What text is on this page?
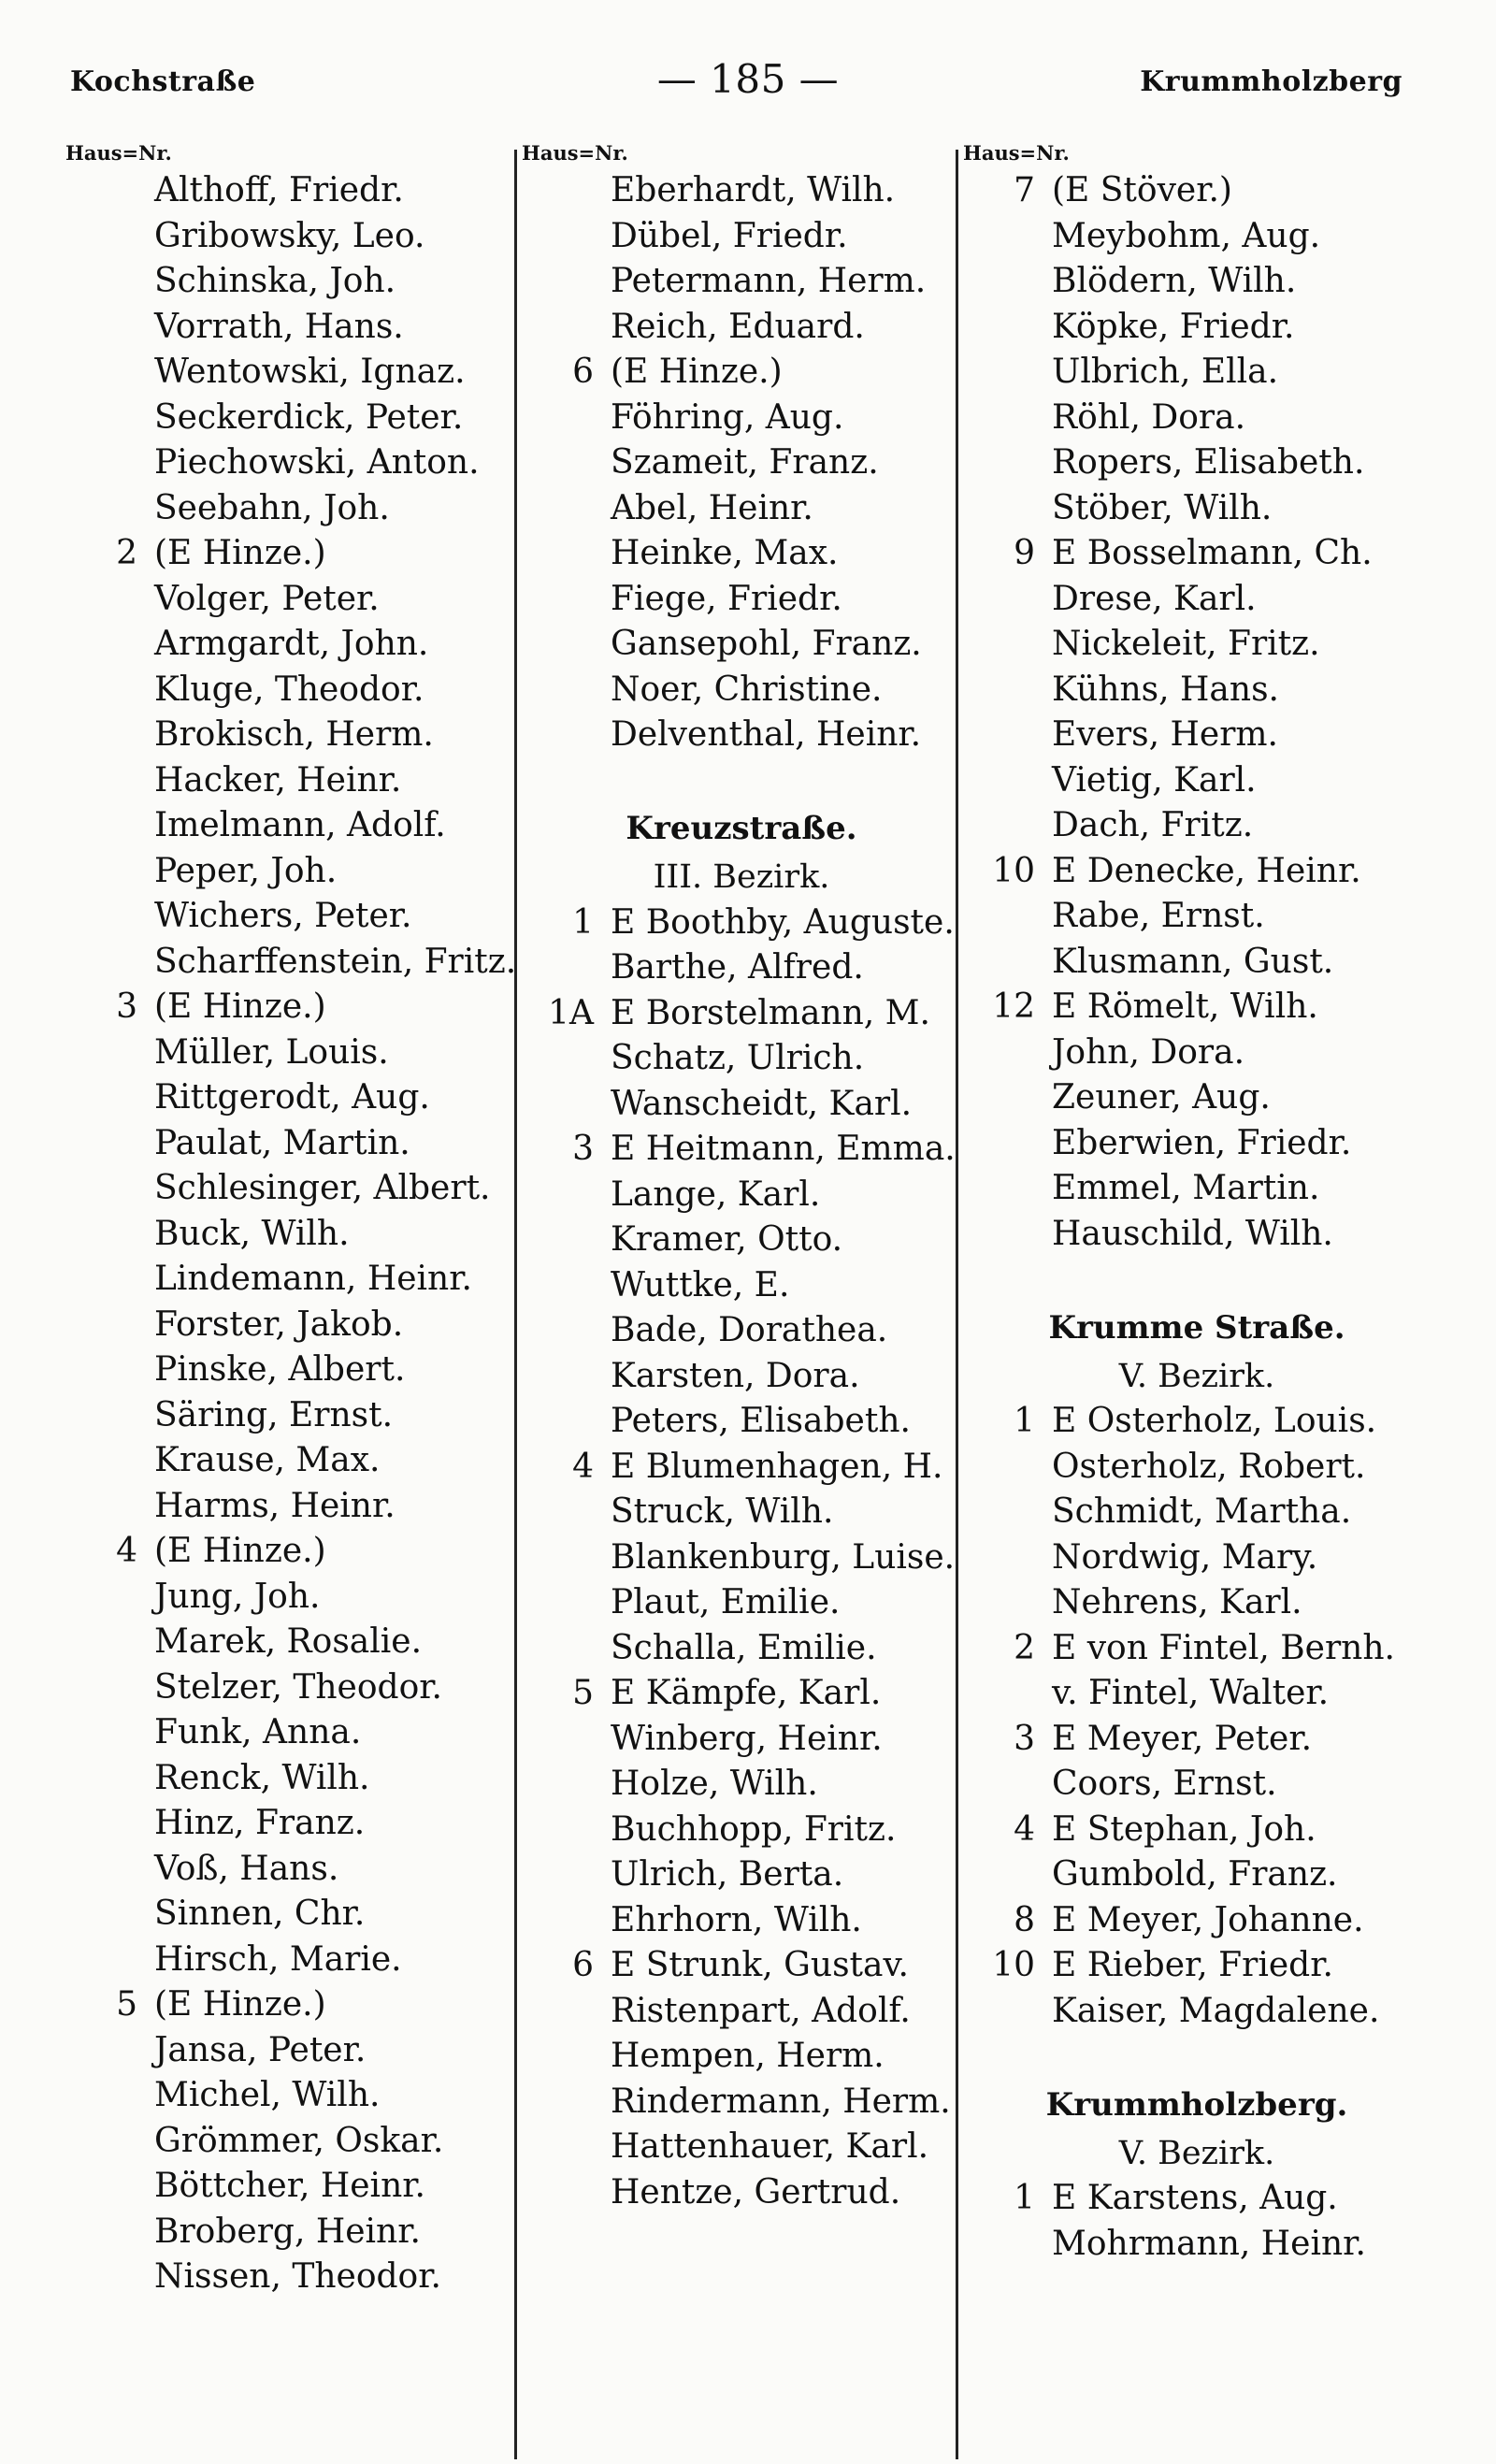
Kochstraße	— 185 —	Krummholzberg
Haus=Nr.
Althoff, Friedr.
Gribowsky, Leo.
Schinska, Joh.
Vorrath, Hans.
Wentowski, Ignaz.
Seckerdick, Peter.
Piechowski, Anton.
Seebahn, Joh.
2 (E Hinze.)
Volger, Peter.
Armgardt, John.
Kluge, Theodor.
Brokisch, Herm.
Hacker, Heinr.
Imelmann, Adolf.
Peper, Joh.
Wichers, Peter.
Scharffenstein, Fritz.
3 (E Hinze.)
Müller, Louis.
Rittgerodt, Aug.
Paulat, Martin.
Schlesinger, Albert.
Buck, Wilh.
Lindemann, Heinr.
Forster, Jakob.
Pinske, Albert.
Säring, Ernst.
Krause, Max.
Harms, Heinr.
4 (E Hinze.)
Jung, Joh.
Marek, Rosalie.
Stelzer, Theodor.
Funk, Anna.
Renck, Wilh.
Hinz, Franz.
Voß, Hans.
Sinnen, Chr.
Hirsch, Marie.
5 (E Hinze.)
Jansa, Peter.
Michel, Wilh.
Grömmer, Oskar.
Böttcher, Heinr.
Broberg, Heinr.
Nissen, Theodor.
Haus=Nr.
Eberhardt, Wilh.
Dübel, Friedr.
Petermann, Herm.
Reich, Eduard.
6 (E Hinze.)
Föhring, Aug.
Szameit, Franz.
Abel, Heinr.
Heinke, Max.
Fiege, Friedr.
Gansepohl, Franz.
Noer, Christine.
Delventhal, Heinr.
Kreuzstraße.
III. Bezirk.
1 E Boothby, Auguste.
Barthe, Alfred.
1A E Borstelmann, M.
Schatz, Ulrich.
Wanscheidt, Karl.
3 E Heitmann, Emma.
Lange, Karl.
Kramer, Otto.
Wuttke, E.
Bade, Dorathea.
Karsten, Dora.
Peters, Elisabeth.
4 E Blumenhagen, H.
Struck, Wilh.
Blankenburg, Luise.
Plaut, Emilie.
Schalla, Emilie.
5 E Kämpfe, Karl.
Winberg, Heinr.
Holze, Wilh.
Buchhopp, Fritz.
Ulrich, Berta.
Ehrhorn, Wilh.
6 E Strunk, Gustav.
Ristenpart, Adolf.
Hempen, Herm.
Rindermann, Herm.
Hattenhauer, Karl.
Hentze, Gertrud.
Haus=Nr.
7 (E Stöver.)
Meybohm, Aug.
Blödern, Wilh.
Köpke, Friedr.
Ulbrich, Ella.
Röhl, Dora.
Ropers, Elisabeth.
Stöber, Wilh.
9 E Bosselmann, Ch.
Drese, Karl.
Nickeleit, Fritz.
Kühns, Hans.
Evers, Herm.
Vietig, Karl.
Dach, Fritz.
10 E Denecke, Heinr.
Rabe, Ernst.
Klusmann, Gust.
12 E Römelt, Wilh.
John, Dora.
Zeuner, Aug.
Eberwien, Friedr.
Emmel, Martin.
Hauschild, Wilh.
Krumme Straße.
V. Bezirk.
1 E Osterholz, Louis.
Osterholz, Robert.
Schmidt, Martha.
Nordwig, Mary.
Nehrens, Karl.
2 E von Fintel, Bernh.
v. Fintel, Walter.
3 E Meyer, Peter.
Coors, Ernst.
4 E Stephan, Joh.
Gumbold, Franz.
8 E Meyer, Johanne.
10 E Rieber, Friedr.
Kaiser, Magdalene.
Krummholzberg.
V. Bezirk.
1 E Karstens, Aug.
Mohrmann, Heinr.
